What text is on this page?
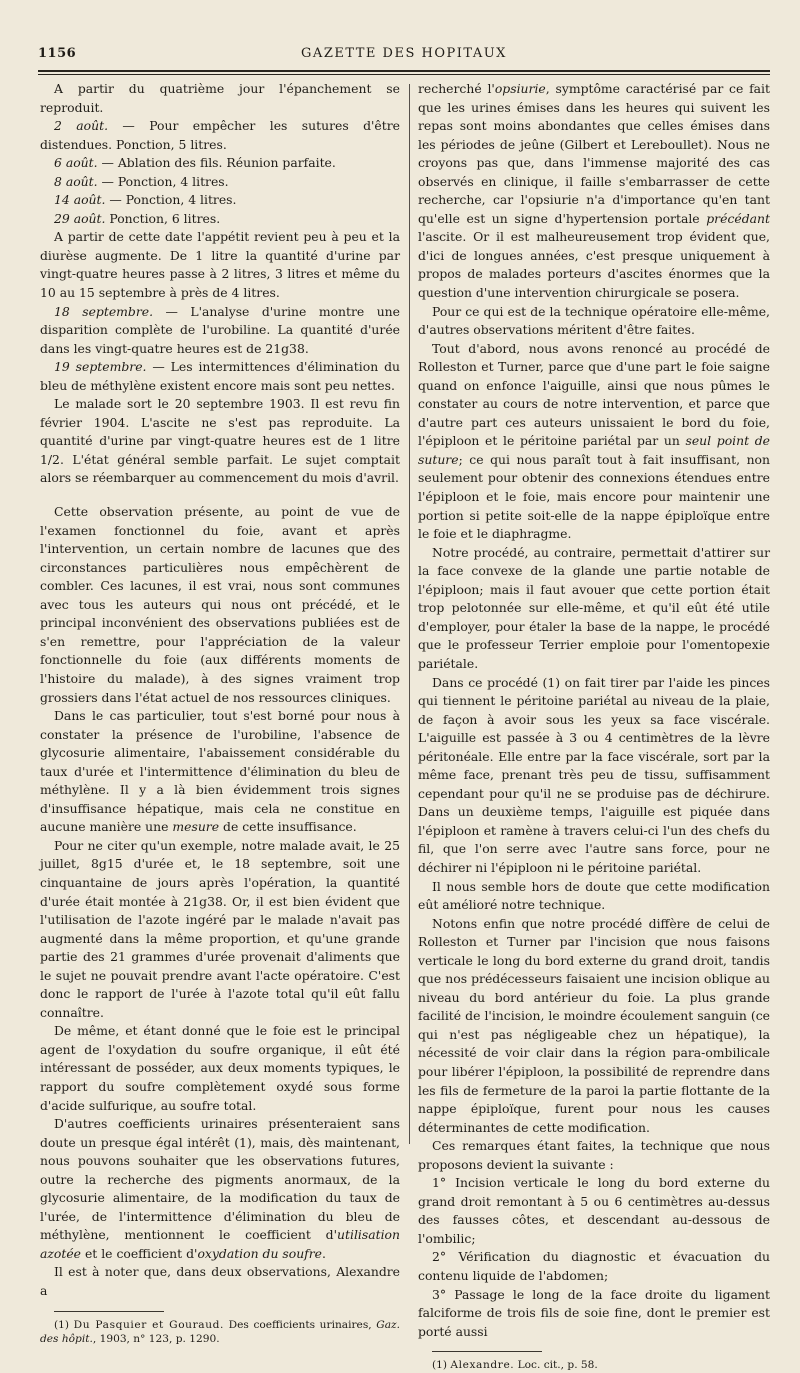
1156	GAZETTE DES HOPITAUX

A partir du quatrième jour l'épanchement se reproduit.

2 août. — Pour empêcher les sutures d'être distendues. Ponction, 5 litres.

6 août. — Ablation des fils. Réunion parfaite.

8 août. — Ponction, 4 litres.

14 août. — Ponction, 4 litres.

29 août. Ponction, 6 litres.

A partir de cette date l'appétit revient peu à peu et la diurèse augmente. De 1 litre la quantité d'urine par vingt-quatre heures passe à 2 litres, 3 litres et même du 10 au 15 septembre à près de 4 litres.

18 septembre. — L'analyse d'urine montre une disparition complète de l'urobiline. La quantité d'urée dans les vingt-quatre heures est de 21g38.

19 septembre. — Les intermittences d'élimination du bleu de méthylène existent encore mais sont peu nettes.

Le malade sort le 20 septembre 1903. Il est revu fin février 1904. L'ascite ne s'est pas reproduite. La quantité d'urine par vingt-quatre heures est de 1 litre 1/2. L'état général semble parfait. Le sujet comptait alors se réembarquer au commencement du mois d'avril.

Cette observation présente, au point de vue de l'examen fonctionnel du foie, avant et après l'intervention, un certain nombre de lacunes que des circonstances particulières nous empêchèrent de combler. Ces lacunes, il est vrai, nous sont communes avec tous les auteurs qui nous ont précédé, et le principal inconvénient des observations publiées est de s'en remettre, pour l'appréciation de la valeur fonctionnelle du foie (aux différents moments de l'histoire du malade), à des signes vraiment trop grossiers dans l'état actuel de nos ressources cliniques.

Dans le cas particulier, tout s'est borné pour nous à constater la présence de l'urobiline, l'absence de glycosurie alimentaire, l'abaissement considérable du taux d'urée et l'intermittence d'élimination du bleu de méthylène. Il y a là bien évidemment trois signes d'insuffisance hépatique, mais cela ne constitue en aucune manière une mesure de cette insuffisance.

Pour ne citer qu'un exemple, notre malade avait, le 25 juillet, 8g15 d'urée et, le 18 septembre, soit une cinquantaine de jours après l'opération, la quantité d'urée était montée à 21g38. Or, il est bien évident que l'utilisation de l'azote ingéré par le malade n'avait pas augmenté dans la même proportion, et qu'une grande partie des 21 grammes d'urée provenait d'aliments que le sujet ne pouvait prendre avant l'acte opératoire. C'est donc le rapport de l'urée à l'azote total qu'il eût fallu connaître.

De même, et étant donné que le foie est le principal agent de l'oxydation du soufre organique, il eût été intéressant de posséder, aux deux moments typiques, le rapport du soufre complètement oxydé sous forme d'acide sulfurique, au soufre total.

D'autres coefficients urinaires présenteraient sans doute un presque égal intérêt (1), mais, dès maintenant, nous pouvons souhaiter que les observations futures, outre la recherche des pigments anormaux, de la glycosurie alimentaire, de la modification du taux de l'urée, de l'intermittence d'élimination du bleu de méthylène, mentionnent le coefficient d'utilisation azotée et le coefficient d'oxydation du soufre.

Il est à noter que, dans deux observations, Alexandre a

(1) Du Pasquier et Gouraud. Des coefficients urinaires, Gaz. des hôpit., 1903, n° 123, p. 1290.

recherché l'opsiurie, symptôme caractérisé par ce fait que les urines émises dans les heures qui suivent les repas sont moins abondantes que celles émises dans les périodes de jeûne (Gilbert et Lereboullet). Nous ne croyons pas que, dans l'immense majorité des cas observés en clinique, il faille s'embarrasser de cette recherche, car l'opsiurie n'a d'importance qu'en tant qu'elle est un signe d'hypertension portale précédant l'ascite. Or il est malheureusement trop évident que, d'ici de longues années, c'est presque uniquement à propos de malades porteurs d'ascites énormes que la question d'une intervention chirurgicale se posera.

Pour ce qui est de la technique opératoire elle-même, d'autres observations méritent d'être faites.

Tout d'abord, nous avons renoncé au procédé de Rolleston et Turner, parce que d'une part le foie saigne quand on enfonce l'aiguille, ainsi que nous pûmes le constater au cours de notre intervention, et parce que d'autre part ces auteurs unissaient le bord du foie, l'épiploon et le péritoine pariétal par un seul point de suture; ce qui nous paraît tout à fait insuffisant, non seulement pour obtenir des connexions étendues entre l'épiploon et le foie, mais encore pour maintenir une portion si petite soit-elle de la nappe épiploïque entre le foie et le diaphragme.

Notre procédé, au contraire, permettait d'attirer sur la face convexe de la glande une partie notable de l'épiploon; mais il faut avouer que cette portion était trop pelotonnée sur elle-même, et qu'il eût été utile d'employer, pour étaler la base de la nappe, le procédé que le professeur Terrier emploie pour l'omentopexie pariétale.

Dans ce procédé (1) on fait tirer par l'aide les pinces qui tiennent le péritoine pariétal au niveau de la plaie, de façon à avoir sous les yeux sa face viscérale. L'aiguille est passée à 3 ou 4 centimètres de la lèvre péritonéale. Elle entre par la face viscérale, sort par la même face, prenant très peu de tissu, suffisamment cependant pour qu'il ne se produise pas de déchirure. Dans un deuxième temps, l'aiguille est piquée dans l'épiploon et ramène à travers celui-ci l'un des chefs du fil, que l'on serre avec l'autre sans force, pour ne déchirer ni l'épiploon ni le péritoine pariétal.

Il nous semble hors de doute que cette modification eût amélioré notre technique.

Notons enfin que notre procédé diffère de celui de Rolleston et Turner par l'incision que nous faisons verticale le long du bord externe du grand droit, tandis que nos prédécesseurs faisaient une incision oblique au niveau du bord antérieur du foie. La plus grande facilité de l'incision, le moindre écoulement sanguin (ce qui n'est pas négligeable chez un hépatique), la nécessité de voir clair dans la région para-ombilicale pour libérer l'épiploon, la possibilité de reprendre dans les fils de fermeture de la paroi la partie flottante de la nappe épiploïque, furent pour nous les causes déterminantes de cette modification.

Ces remarques étant faites, la technique que nous proposons devient la suivante :

1° Incision verticale le long du bord externe du grand droit remontant à 5 ou 6 centimètres au-dessus des fausses côtes, et descendant au-dessous de l'ombilic;

2° Vérification du diagnostic et évacuation du contenu liquide de l'abdomen;

3° Passage le long de la face droite du ligament falciforme de trois fils de soie fine, dont le premier est porté aussi

(1) Alexandre. Loc. cit., p. 58.
